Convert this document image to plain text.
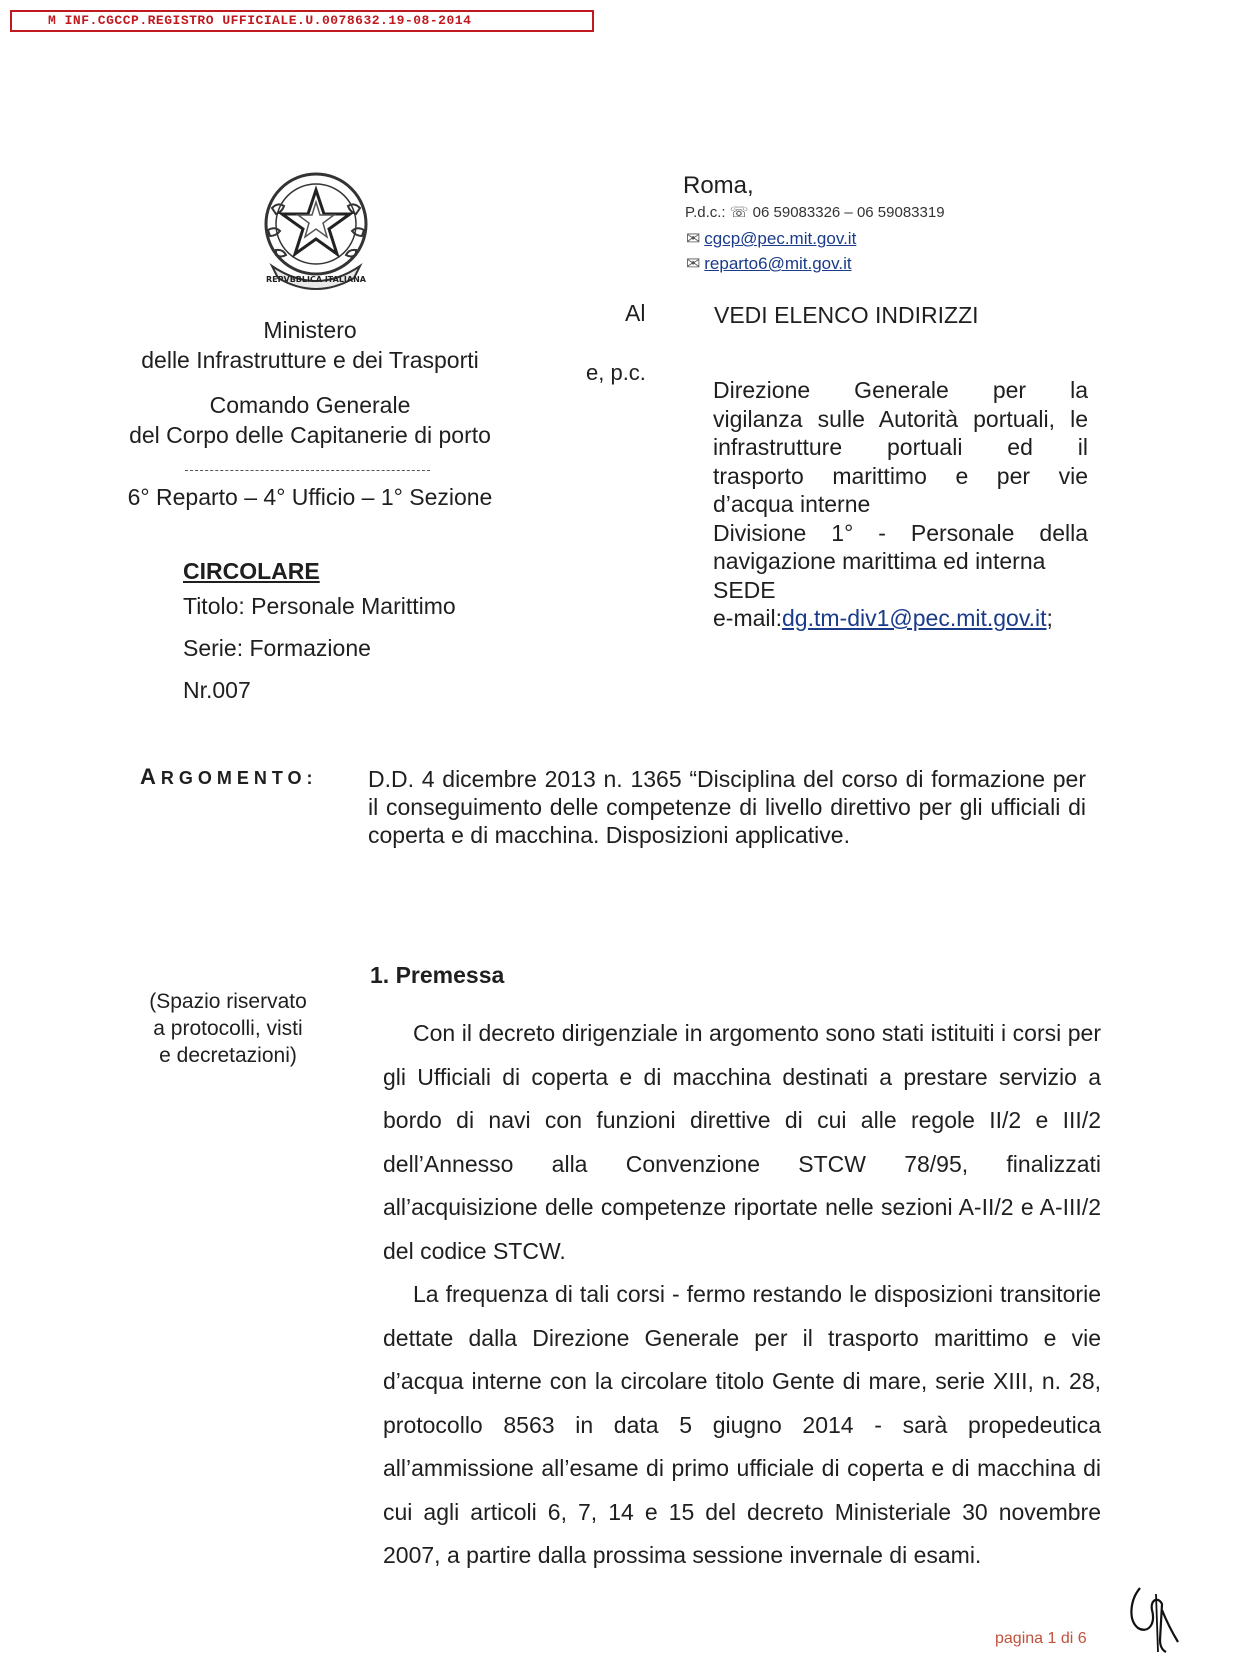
M INF.CGCCP.REGISTRO UFFICIALE.U.0078632.19-08-2014
REPVBBLICA ITALIANA
Ministero
delle Infrastrutture e dei Trasporti
Comando Generale
del Corpo delle Capitanerie di porto
6° Reparto – 4° Ufficio – 1° Sezione
CIRCOLARE
Titolo: Personale Marittimo
Serie: Formazione
Nr.007
Roma,
P.d.c.: ☏ 06 59083326 – 06 59083319
✉ cgcp@pec.mit.gov.it
✉ reparto6@mit.gov.it
Al	VEDI ELENCO INDIRIZZI
e, p.c.
Direzione Generale per la
vigilanza sulle Autorità portuali, le
infrastrutture portuali ed il
trasporto marittimo e per vie
d’acqua interne
Divisione 1° - Personale della
navigazione marittima ed interna
SEDE
e-mail:dg.tm-div1@pec.mit.gov.it;
ARGOMENTO: D.D. 4 dicembre 2013 n. 1365 “Disciplina del corso di formazione per il conseguimento delle competenze di livello direttivo per gli ufficiali di coperta e di macchina. Disposizioni applicative.
(Spazio riservato
a protocolli, visti
e decretazioni)
1. Premessa

Con il decreto dirigenziale in argomento sono stati istituiti i corsi per gli Ufficiali di coperta e di macchina destinati a prestare servizio a bordo di navi con funzioni direttive di cui alle regole II/2 e III/2 dell’Annesso alla Convenzione STCW 78/95, finalizzati all’acquisizione delle competenze riportate nelle sezioni A-II/2 e A-III/2 del codice STCW.

La frequenza di tali corsi - fermo restando le disposizioni transitorie dettate dalla Direzione Generale per il trasporto marittimo e vie d’acqua interne con la circolare titolo Gente di mare, serie XIII, n. 28, protocollo 8563 in data 5 giugno 2014 - sarà propedeutica all’ammissione all’esame di primo ufficiale di coperta e di macchina di cui agli articoli 6, 7, 14 e 15 del decreto Ministeriale 30 novembre 2007, a partire dalla prossima sessione invernale di esami.

pagina 1 di 6
